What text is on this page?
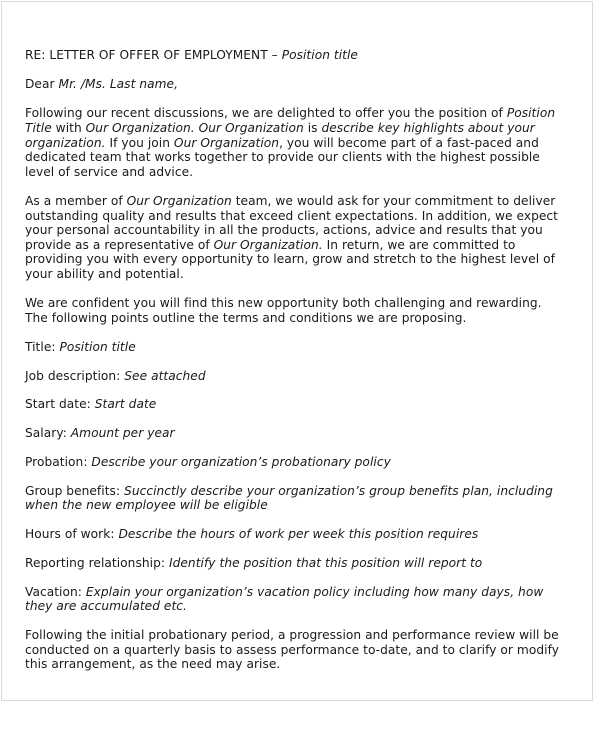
RE: LETTER OF OFFER OF EMPLOYMENT – Position title

Dear Mr. /Ms. Last name,

Following our recent discussions, we are delighted to offer you the position of Position Title with Our Organization. Our Organization is describe key highlights about your organization. If you join Our Organization, you will become part of a fast-paced and dedicated team that works together to provide our clients with the highest possible level of service and advice.

As a member of Our Organization team, we would ask for your commitment to deliver outstanding quality and results that exceed client expectations. In addition, we expect your personal accountability in all the products, actions, advice and results that you provide as a representative of Our Organization. In return, we are committed to providing you with every opportunity to learn, grow and stretch to the highest level of your ability and potential.

We are confident you will find this new opportunity both challenging and rewarding. The following points outline the terms and conditions we are proposing.

Title: Position title

Job description: See attached

Start date: Start date

Salary: Amount per year

Probation: Describe your organization’s probationary policy

Group benefits: Succinctly describe your organization’s group benefits plan, including when the new employee will be eligible

Hours of work: Describe the hours of work per week this position requires

Reporting relationship: Identify the position that this position will report to

Vacation: Explain your organization’s vacation policy including how many days, how they are accumulated etc.

Following the initial probationary period, a progression and performance review will be conducted on a quarterly basis to assess performance to-date, and to clarify or modify this arrangement, as the need may arise.
